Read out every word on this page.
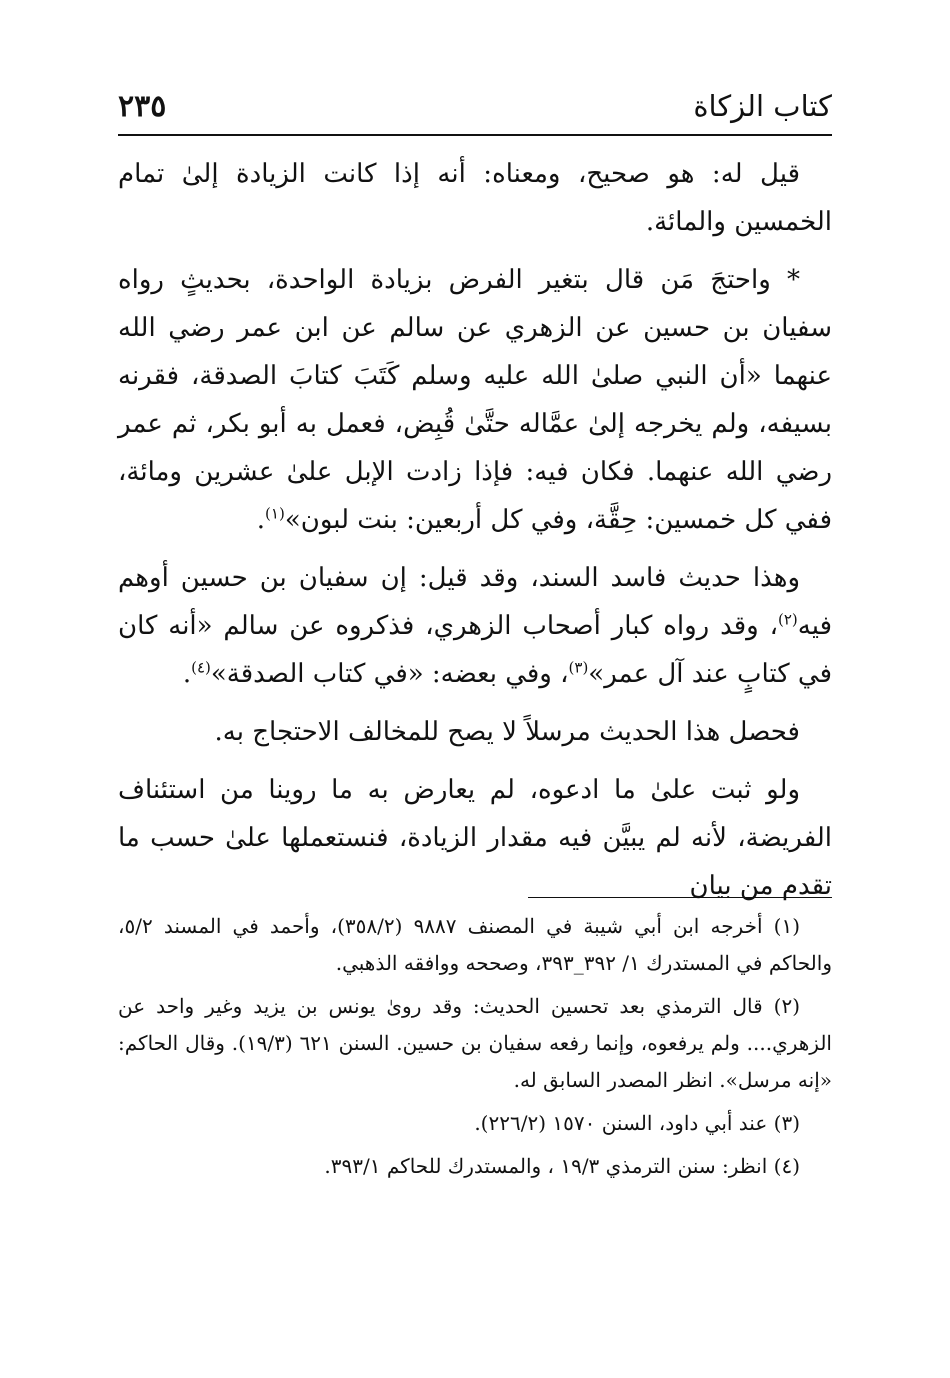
كتاب الزكاة
٢٣٥

قيل له: هو صحيح، ومعناه: أنه إذا كانت الزيادة إلىٰ تمام الخمسين والمائة.

* واحتجَ مَن قال بتغير الفرض بزيادة الواحدة، بحديثٍ رواه سفيان بن حسين عن الزهري عن سالم عن ابن عمر رضي الله عنهما «أن النبي صلىٰ الله عليه وسلم كَتَبَ كتابَ الصدقة، فقرنه بسيفه، ولم يخرجه إلىٰ عمَّاله حتَّىٰ قُبِض، فعمل به أبو بكر، ثم عمر رضي الله عنهما. فكان فيه: فإذا زادت الإبل علىٰ عشرين ومائة، ففي كل خمسين: حِقَّة، وفي كل أربعين: بنت لبون»$^{(١)}$.

وهذا حديث فاسد السند، وقد قيل: إن سفيان بن حسين أوهم فيه$^{(٢)}$، وقد رواه كبار أصحاب الزهري، فذكروه عن سالم «أنه كان في كتابٍ عند آل عمر»$^{(٣)}$، وفي بعضه: «في كتاب الصدقة»$^{(٤)}$.

فحصل هذا الحديث مرسلاً لا يصح للمخالف الاحتجاج به.

ولو ثبت علىٰ ما ادعوه، لم يعارض به ما روينا من استئناف الفريضة، لأنه لم يبيَّن فيه مقدار الزيادة، فنستعملها علىٰ حسب ما تقدم من بيان

(١) أخرجه ابن أبي شيبة في المصنف ٩٨٨٧ (٣٥٨/٢)، وأحمد في المسند ٥/٢، والحاكم في المستدرك ١/ ٣٩٢_٣٩٣، وصححه ووافقه الذهبي.

(٢) قال الترمذي بعد تحسين الحديث: وقد روىٰ يونس بن يزيد وغير واحد عن الزهري.... ولم يرفعوه، وإنما رفعه سفيان بن حسين. السنن ٦٢١ (١٩/٣). وقال الحاكم: «إنه مرسل». انظر المصدر السابق له.

(٣) عند أبي داود، السنن ١٥٧٠ (٢٢٦/٢).

(٤) انظر: سنن الترمذي ١٩/٣ ، والمستدرك للحاكم ٣٩٣/١.
